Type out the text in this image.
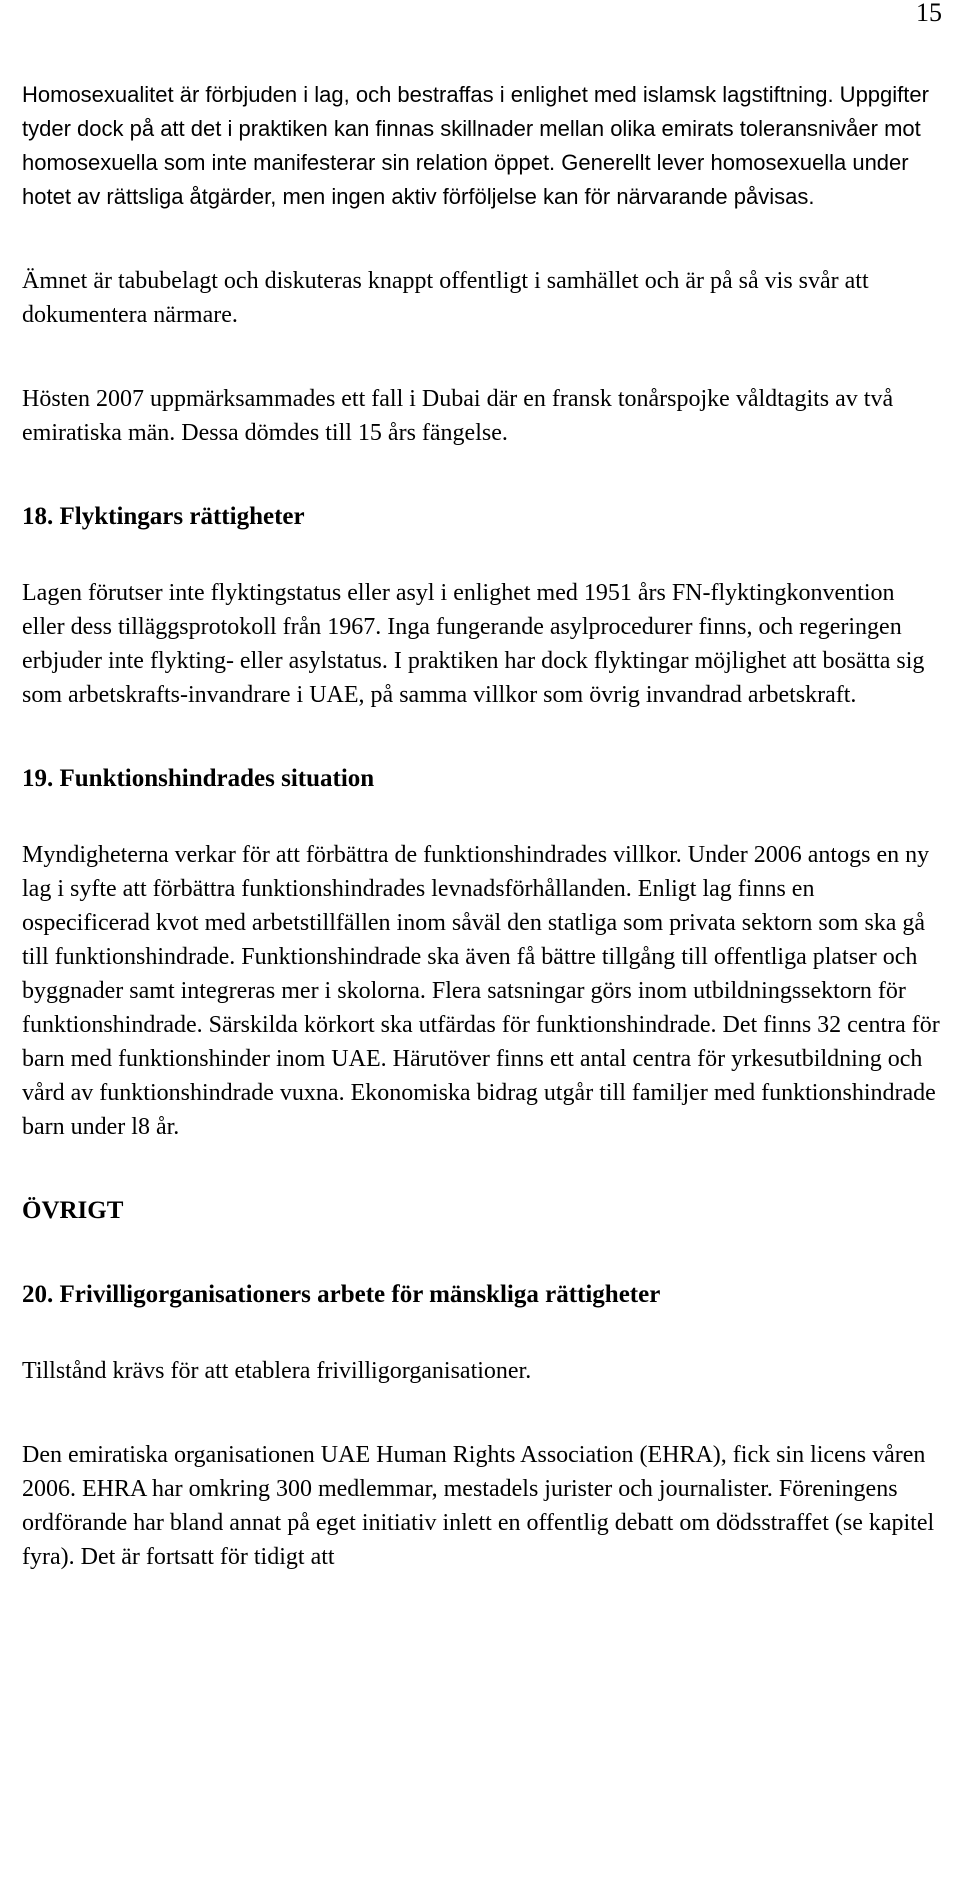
15

Homosexualitet är förbjuden i lag, och bestraffas i enlighet med islamsk lagstiftning. Uppgifter tyder dock på att det i praktiken kan finnas skillnader mellan olika emirats toleransnivåer mot homosexuella som inte manifesterar sin relation öppet. Generellt lever homosexuella under hotet av rättsliga åtgärder, men ingen aktiv förföljelse kan för närvarande påvisas.

Ämnet är tabubelagt och diskuteras knappt offentligt i samhället och är på så vis svår att dokumentera närmare.

Hösten 2007 uppmärksammades ett fall i Dubai där en fransk tonårspojke våldtagits av två emiratiska män. Dessa dömdes till 15 års fängelse.

18. Flyktingars rättigheter

Lagen förutser inte flyktingstatus eller asyl i enlighet med 1951 års FN-flyktingkonvention eller dess tilläggsprotokoll från 1967. Inga fungerande asylprocedurer finns, och regeringen erbjuder inte flykting- eller asylstatus. I praktiken har dock flyktingar möjlighet att bosätta sig som arbetskrafts-invandrare i UAE, på samma villkor som övrig invandrad arbetskraft.

19. Funktionshindrades situation

Myndigheterna verkar för att förbättra de funktionshindrades villkor. Under 2006 antogs en ny lag i syfte att förbättra funktionshindrades levnadsförhållanden. Enligt lag finns en ospecificerad kvot med arbetstillfällen inom såväl den statliga som privata sektorn som ska gå till funktionshindrade. Funktionshindrade ska även få bättre tillgång till offentliga platser och byggnader samt integreras mer i skolorna. Flera satsningar görs inom utbildningssektorn för funktionshindrade. Särskilda körkort ska utfärdas för funktionshindrade. Det finns 32 centra för barn med funktionshinder inom UAE. Härutöver finns ett antal centra för yrkesutbildning och vård av funktionshindrade vuxna. Ekonomiska bidrag utgår till familjer med funktionshindrade barn under l8 år.

ÖVRIGT
20. Frivilligorganisationers arbete för mänskliga rättigheter

Tillstånd krävs för att etablera frivilligorganisationer.

Den emiratiska organisationen UAE Human Rights Association (EHRA), fick sin licens våren 2006. EHRA har omkring 300 medlemmar, mestadels jurister och journalister. Föreningens ordförande har bland annat på eget initiativ inlett en offentlig debatt om dödsstraffet (se kapitel fyra). Det är fortsatt för tidigt att
